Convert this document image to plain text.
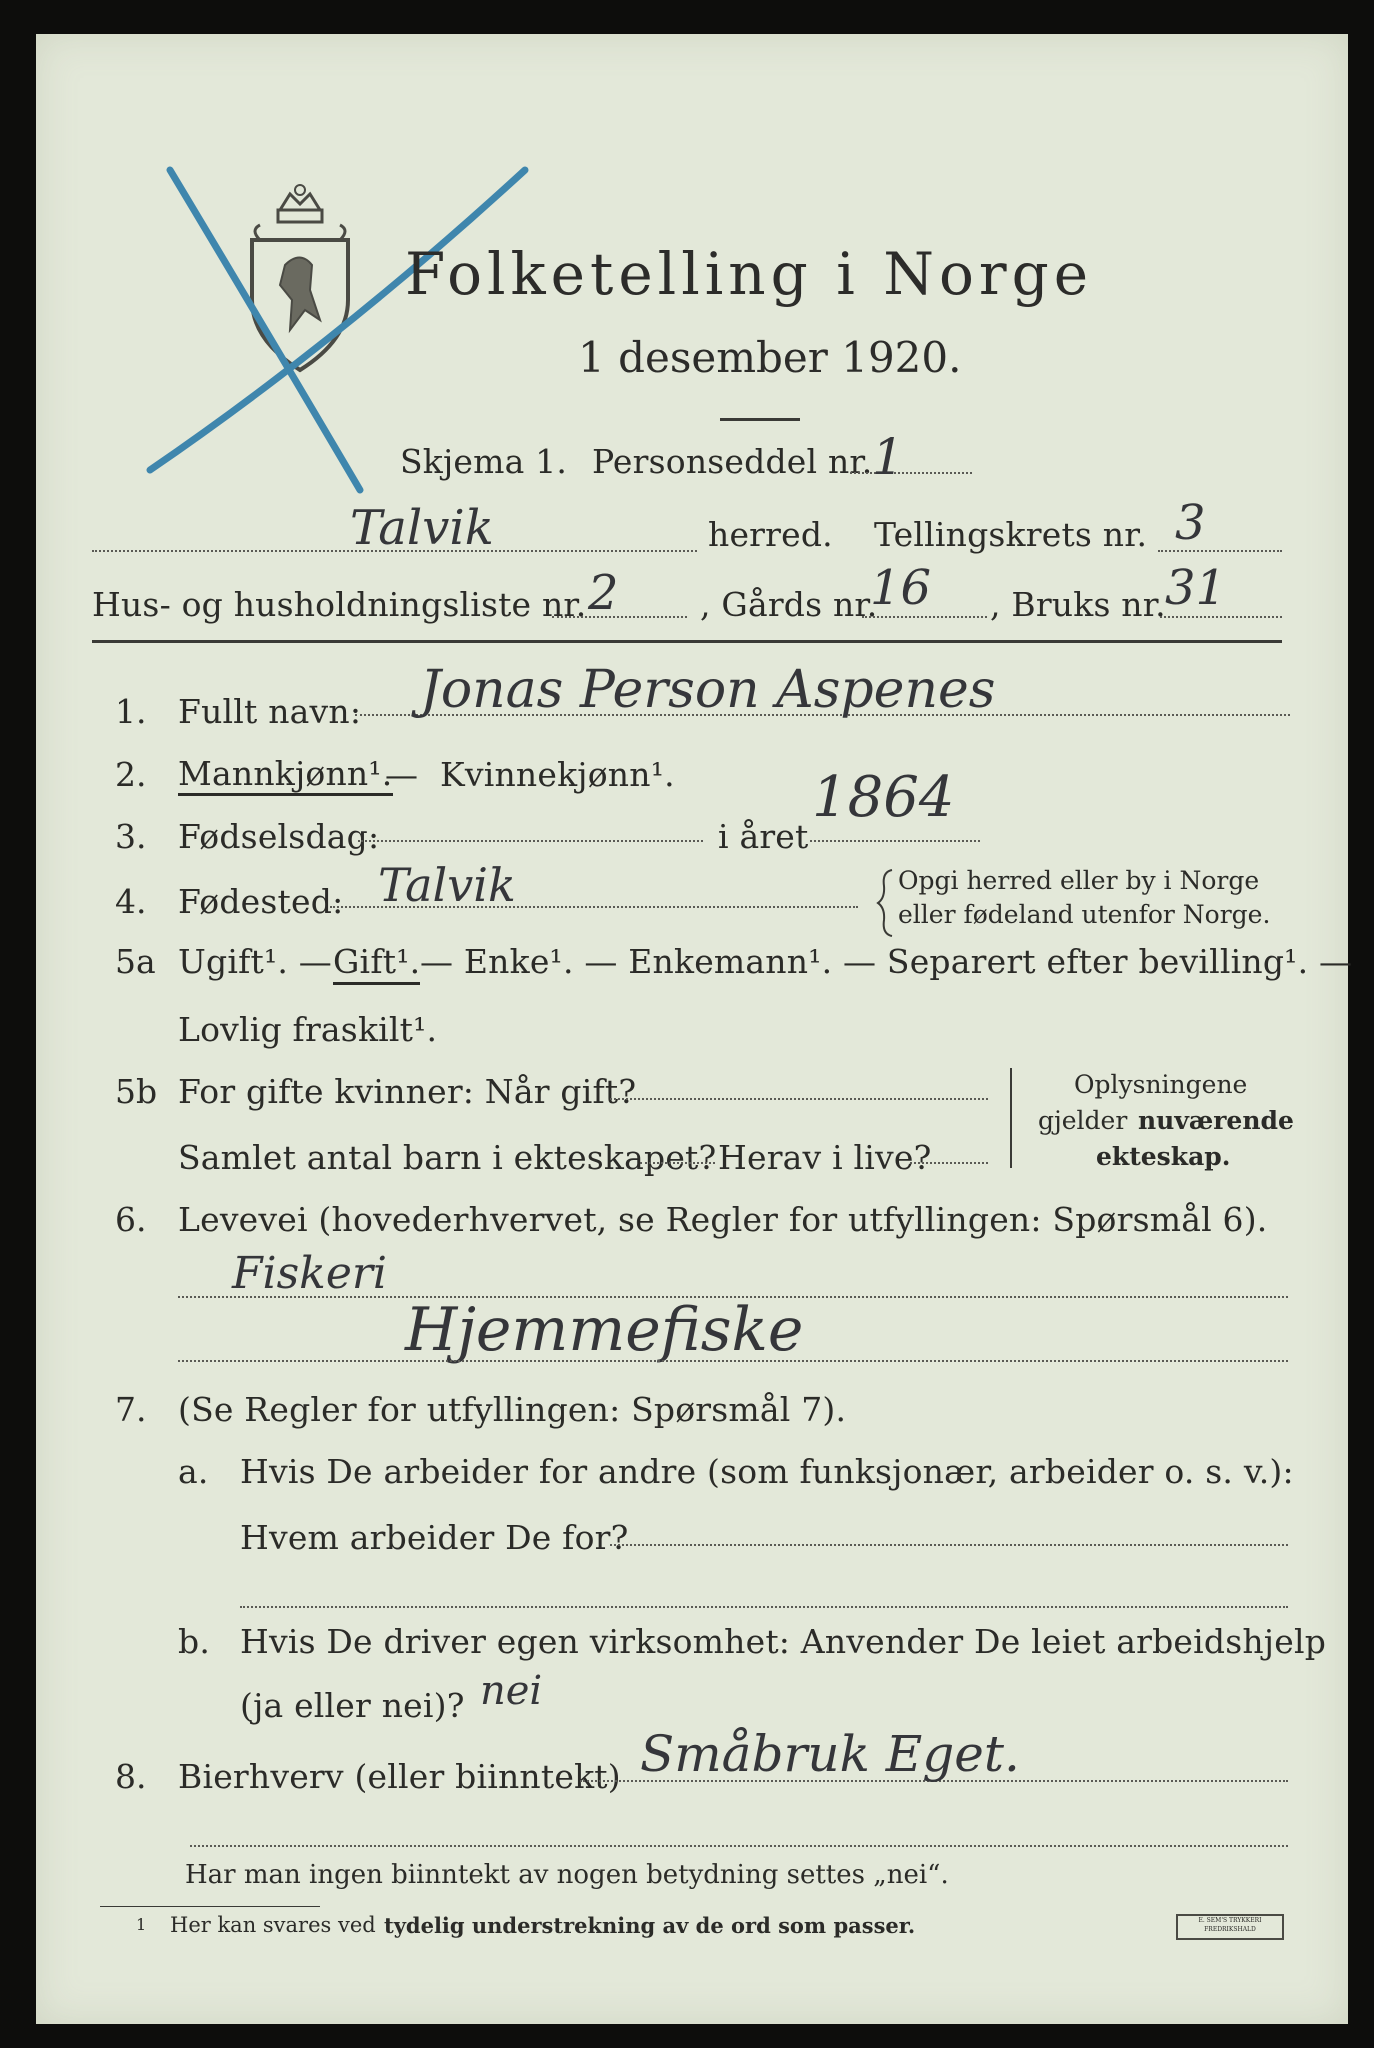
Folketelling i Norge
1 desember 1920.
Skjema 1. Personseddel nr. 1
Talvik	herred. Tellingskrets nr. 3
Hus- og husholdningsliste nr. 2 , Gårds nr.
16 , Bruks nr. 31
1. Fullt navn: Jonas Person Aspenes
2. Mannkjønn¹.
— Kvinnekjønn¹.
3. Fødselsdag:	i året
1864
4. Fødested: Talvik	Opgi herred eller by i Norge
eller fødeland utenfor Norge.
5a Ugift¹. — Gift¹. — Enke¹. — Enkemann¹. — Separert efter bevilling¹. —
Lovlig fraskilt¹.
5b For gifte kvinner: Når gift?
Samlet antal barn i ekteskapet? Herav i live?
Oplysningene
gjelder nuværende
ekteskap.
6. Levevei (hovederhvervet, se Regler for utfyllingen: Spørsmål 6).
Fiskeri
Hjemmefiske
7. (Se Regler for utfyllingen: Spørsmål 7).
a. Hvis De arbeider for andre (som funksjonær, arbeider o. s. v.):
Hvem arbeider De for?
b. Hvis De driver egen virksomhet: Anvender De leiet arbeidshjelp
(ja eller nei)? nei
8. Bierhverv (eller biinntekt) Småbruk Eget.
Har man ingen biinntekt av nogen betydning settes „nei“.
1 Her kan svares ved tydelig understrekning av de ord som passer.	E. SEM'S TRYKKERI FREDRIKSHALD
